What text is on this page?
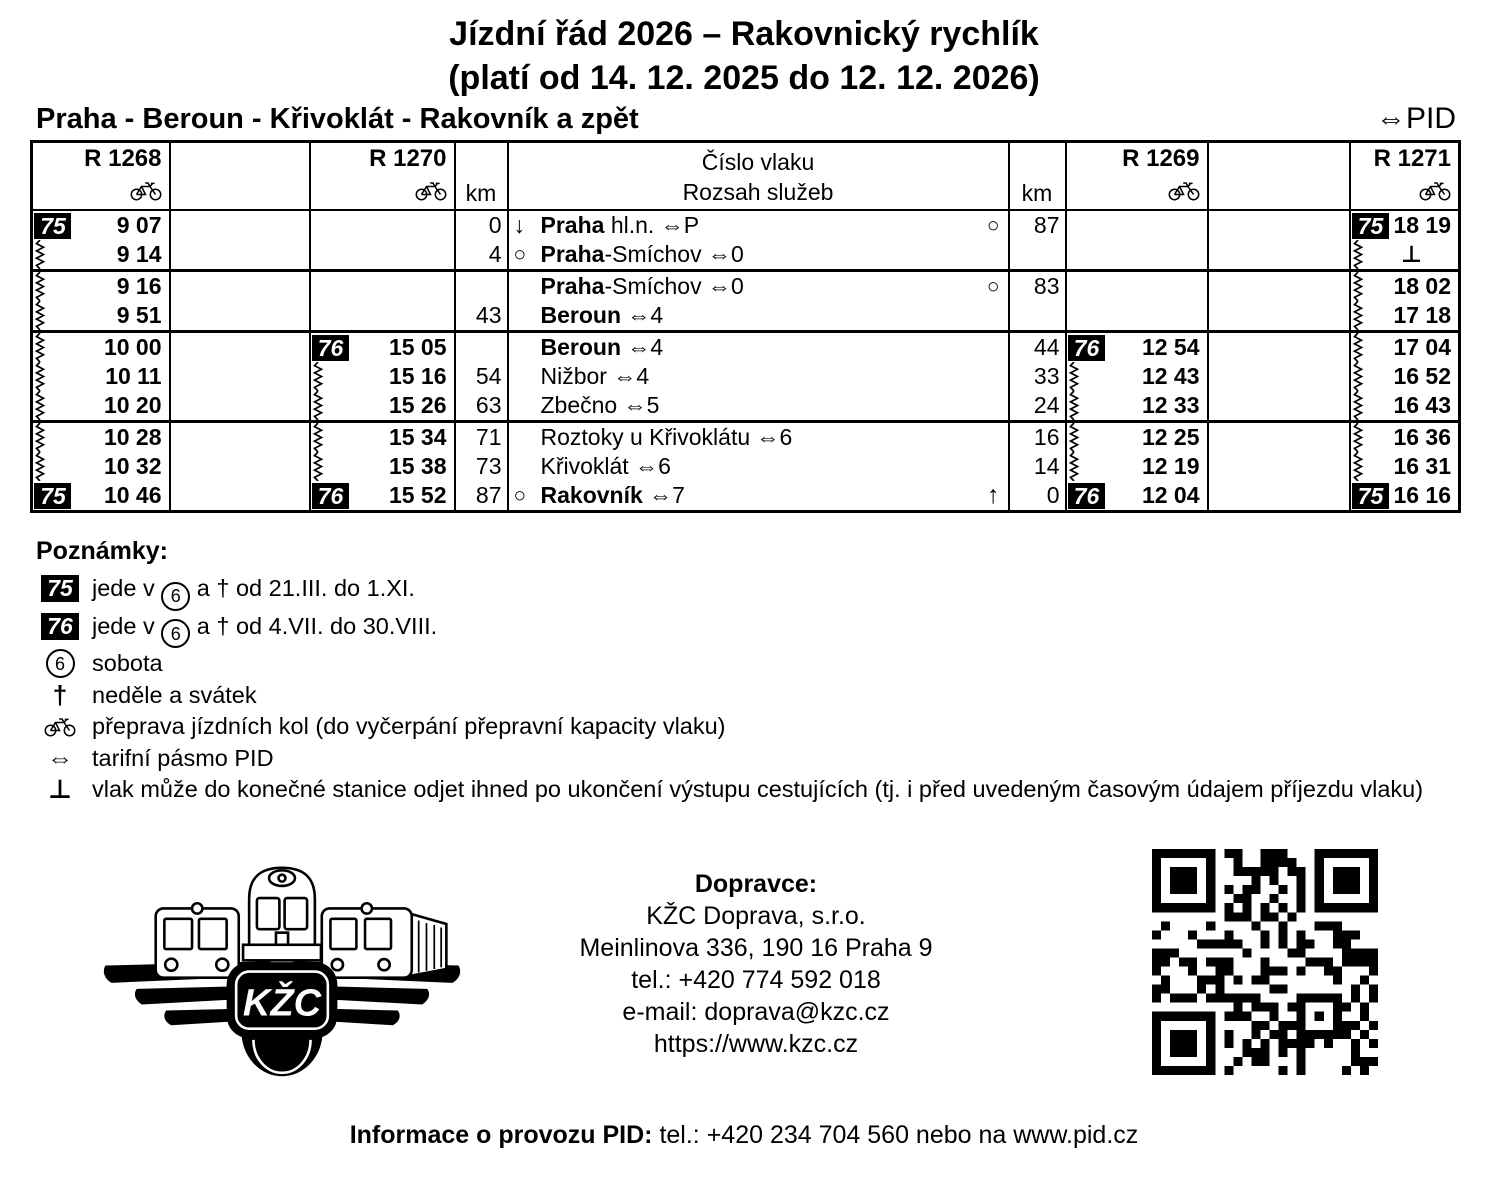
Jízdní řád 2026 – Rakovnický rychlík
(platí od 14. 12. 2025 do 12. 12. 2026)
Praha - Beroun - Křivoklát - Rakovník a zpět	⇔PID
R 1268		R 1270	km	Číslo vlaku
Rozsah služeb	km	R 1269		R 1271

75 9 07			0	↓ Praha hl.n. ⇔P ○	87			75 18 19

9 14			4	○ Praha -Smíchov ⇔0				⊥

9 16				Praha -Smíchov ⇔0 ○	83			18 02

9 51			43	Beroun ⇔4				17 18

10 00		76 15 05		Beroun ⇔4	44	76 12 54		17 04

10 11		15 16	54	Nižbor ⇔4	33	12 43		16 52

10 20		15 26	63	Zbečno ⇔5	24	12 33		16 43

10 28		15 34	71	Roztoky u Křivoklátu ⇔6	16	12 25		16 36

10 32		15 38	73	Křivoklát ⇔6	14	12 19		16 31

75 10 46		76 15 52	87	○ Rakovník ⇔7 ↑	0	76 12 04		75 16 16
Poznámky:
75 jede v 6 a † od 21.III. do 1.XI.
76 jede v 6 a † od 4.VII. do 30.VIII.
6	sobota
† neděle a svátek
přeprava jízdních kol (do vyčerpání přepravní kapacity vlaku)
⇔ tarifní pásmo PID
⊥ vlak může do konečné stanice odjet ihned po ukončení výstupu cestujících (tj. i před uvedeným časovým údajem příjezdu vlaku)
KŽC
Dopravce:
KŽC Doprava, s.r.o.
Meinlinova 336, 190 16 Praha 9
tel.: +420 774 592 018
e-mail: doprava@kzc.cz
https://www.kzc.cz
Informace o provozu PID: tel.: +420 234 704 560 nebo na www.pid.cz
